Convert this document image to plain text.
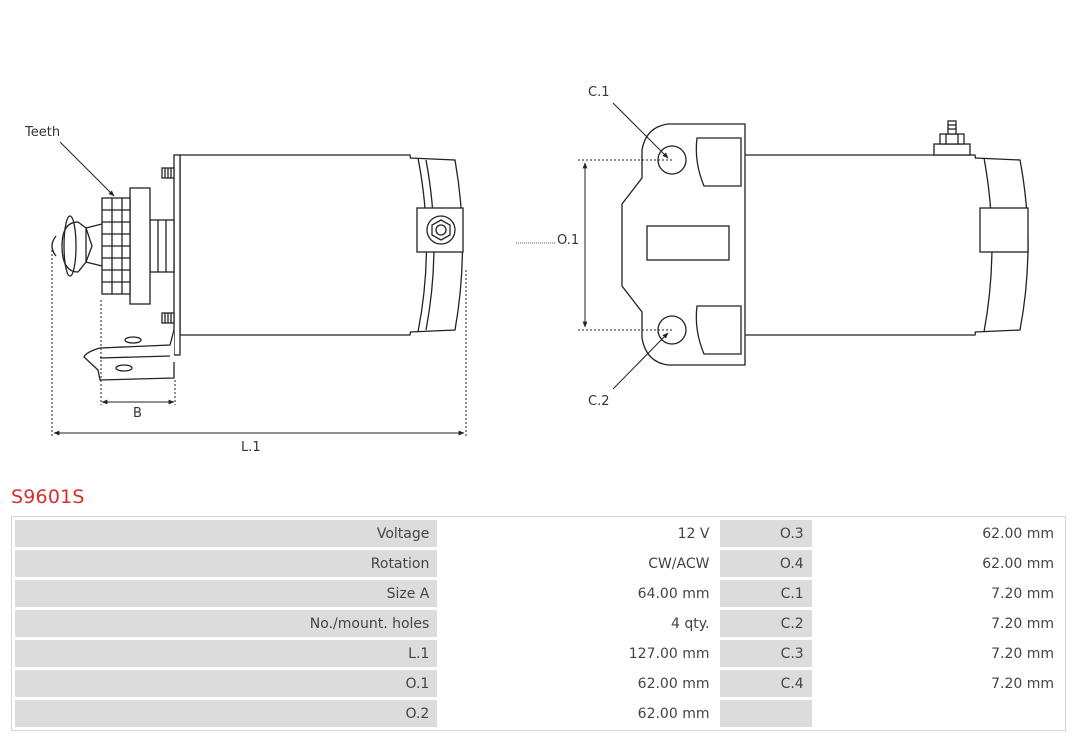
Teeth
B
L.1
C.1
C.2
O.1
S9601S
Voltage	12 V	O.3	62.00 mm
Rotation	CW/ACW	O.4	62.00 mm
Size A	64.00 mm	C.1	7.20 mm
No./mount. holes	4 qty.	C.2	7.20 mm
L.1	127.00 mm	C.3	7.20 mm
O.1	62.00 mm	C.4	7.20 mm
O.2	62.00 mm		
